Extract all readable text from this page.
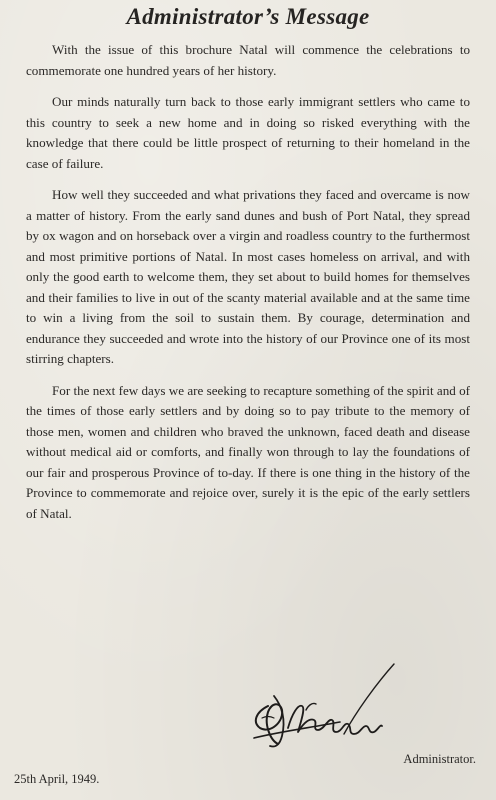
Administrator’s Message

With the issue of this brochure Natal will commence the celebrations to commemorate one hundred years of her history.

Our minds naturally turn back to those early immigrant settlers who came to this country to seek a new home and in doing so risked everything with the knowledge that there could be little prospect of returning to their homeland in the case of failure.

How well they succeeded and what privations they faced and overcame is now a matter of history. From the early sand dunes and bush of Port Natal, they spread by ox wagon and on horseback over a virgin and roadless country to the furthermost and most primitive portions of Natal. In most cases homeless on arrival, and with only the good earth to welcome them, they set about to build homes for themselves and their families to live in out of the scanty material available and at the same time to win a living from the soil to sustain them. By courage, determination and endurance they succeeded and wrote into the history of our Province one of its most stirring chapters.

For the next few days we are seeking to recapture something of the spirit and of the times of those early settlers and by doing so to pay tribute to the memory of those men, women and children who braved the unknown, faced death and disease without medical aid or comforts, and finally won through to lay the foundations of our fair and prosperous Province of to-day. If there is one thing in the history of the Province to commemorate and rejoice over, surely it is the epic of the early settlers of Natal.

Administrator.
25th April, 1949.
